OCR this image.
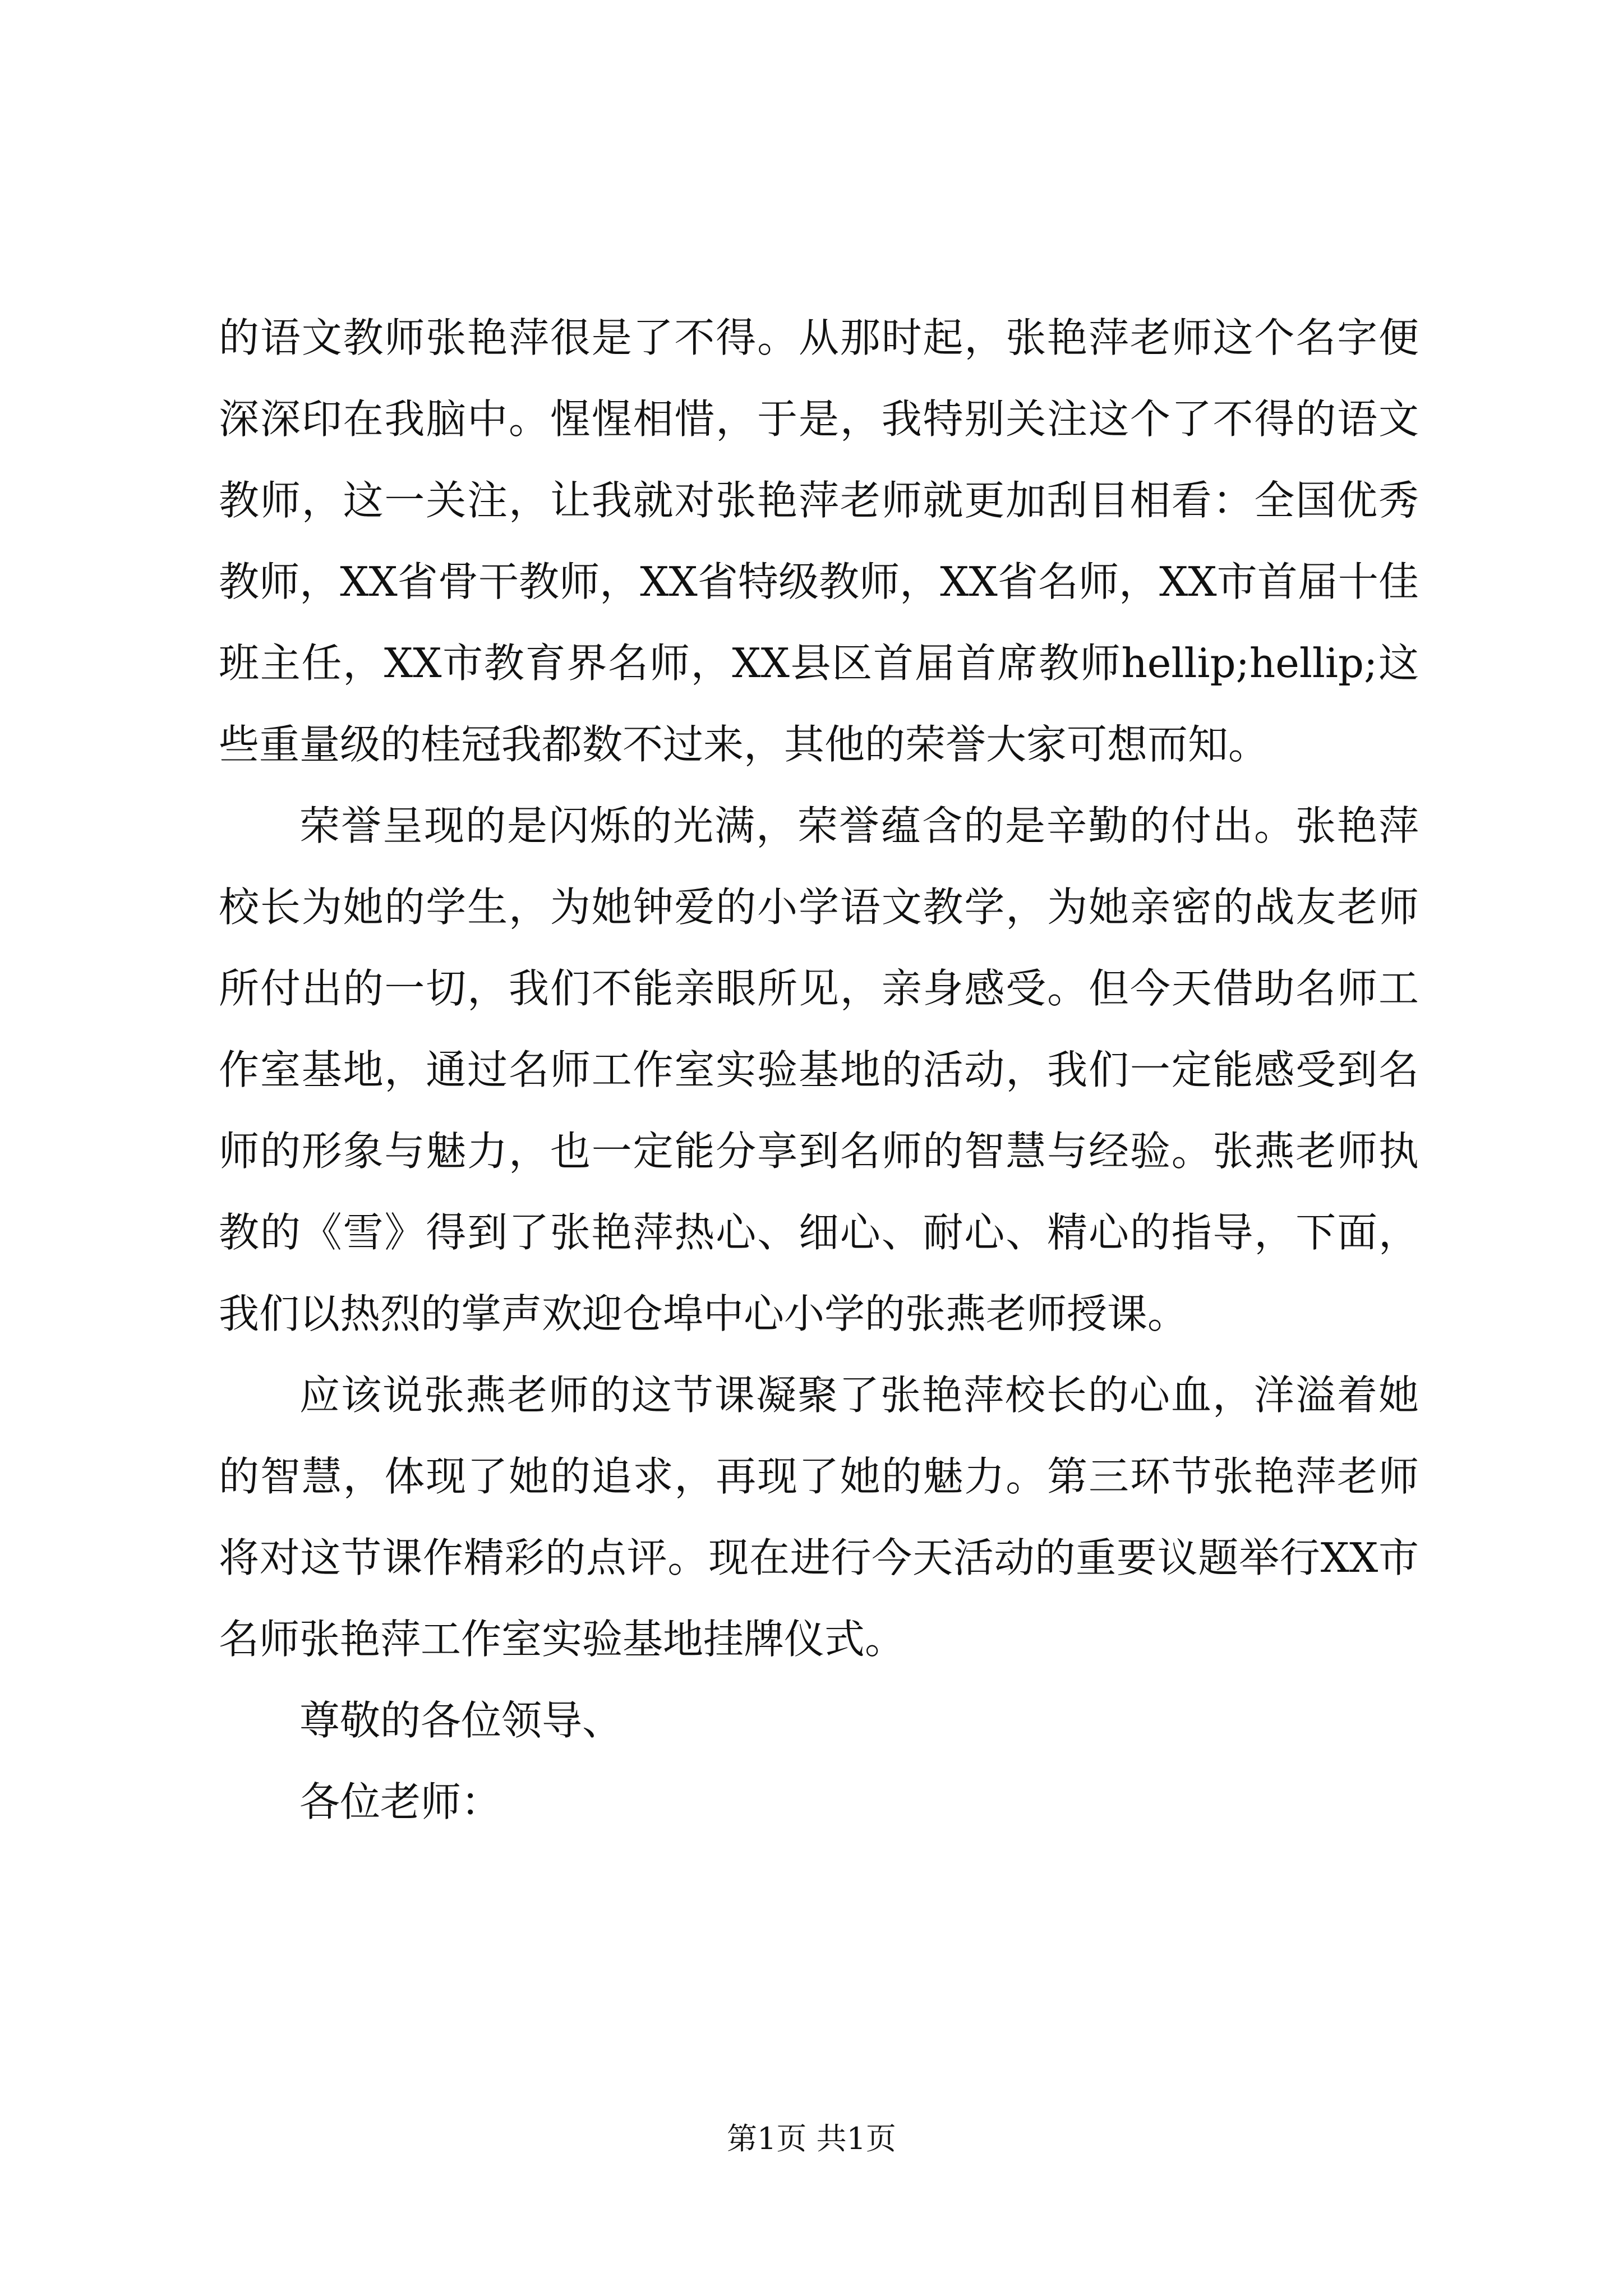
的语文教师张艳萍很是了不得。从那时起，张艳萍老师这个名字便深深印在我脑中。惺惺相惜，于是，我特别关注这个了不得的语文教师，这一关注，让我就对张艳萍老师就更加刮目相看：全国优秀教师，XX省骨干教师，XX省特级教师，XX省名师，XX市首届十佳班主任，XX市教育界名师，XX县区首届首席教师hellip;hellip;这些重量级的桂冠我都数不过来，其他的荣誉大家可想而知。

荣誉呈现的是闪烁的光满，荣誉蕴含的是辛勤的付出。张艳萍校长为她的学生，为她钟爱的小学语文教学，为她亲密的战友老师所付出的一切，我们不能亲眼所见，亲身感受。但今天借助名师工作室基地，通过名师工作室实验基地的活动，我们一定能感受到名师的形象与魅力，也一定能分享到名师的智慧与经验。张燕老师执教的《雪》得到了张艳萍热心、细心、耐心、精心的指导，下面，我们以热烈的掌声欢迎仓埠中心小学的张燕老师授课。

应该说张燕老师的这节课凝聚了张艳萍校长的心血，洋溢着她的智慧，体现了她的追求，再现了她的魅力。第三环节张艳萍老师将对这节课作精彩的点评。现在进行今天活动的重要议题举行XX市名师张艳萍工作室实验基地挂牌仪式。

尊敬的各位领导、

各位老师：

第1页 共1页
